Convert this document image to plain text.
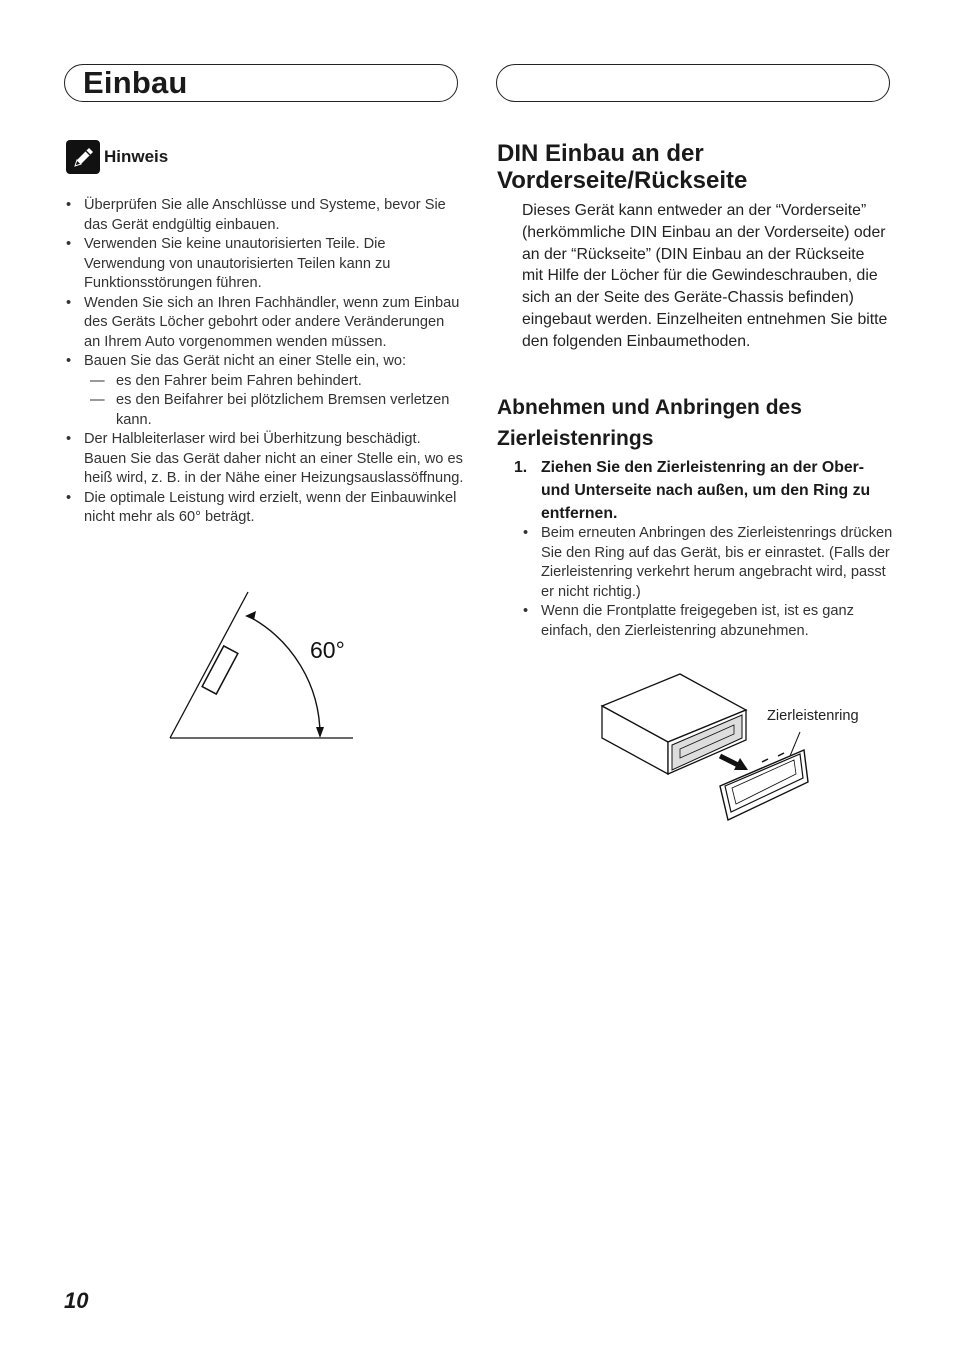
Einbau
Hinweis
• Überprüfen Sie alle Anschlüsse und Systeme, bevor Sie das Gerät endgültig einbauen.
• Verwenden Sie keine unautorisierten Teile. Die Verwendung von unautorisierten Teilen kann zu Funktionsstörungen führen.
• Wenden Sie sich an Ihren Fachhändler, wenn zum Einbau des Geräts Löcher gebohrt oder andere Veränderungen an Ihrem Auto vorgenommen wenden müssen.
• Bauen Sie das Gerät nicht an einer Stelle ein, wo:
— es den Fahrer beim Fahren behindert.
— es den Beifahrer bei plötzlichem Bremsen verletzen kann.
• Der Halbleiterlaser wird bei Überhitzung beschädigt. Bauen Sie das Gerät daher nicht an einer Stelle ein, wo es heiß wird, z. B. in der Nähe einer Heizungsauslassöffnung.
• Die optimale Leistung wird erzielt, wenn der Einbauwinkel nicht mehr als 60° beträgt.
60°
DIN Einbau an der Vorderseite/Rückseite

Dieses Gerät kann entweder an der “Vorderseite” (herkömmliche DIN Einbau an der Vorderseite) oder an der “Rückseite” (DIN Einbau an der Rückseite mit Hilfe der Löcher für die Gewindeschrauben, die sich an der Seite des Geräte-Chassis befinden) eingebaut werden. Einzelheiten entnehmen Sie bitte den folgenden Einbaumethoden.

Abnehmen und Anbringen des Zierleistenrings
1. Ziehen Sie den Zierleistenring an der Ober- und Unterseite nach außen, um den Ring zu entfernen.
• Beim erneuten Anbringen des Zierleistenrings drücken Sie den Ring auf das Gerät, bis er einrastet. (Falls der Zierleistenring verkehrt herum angebracht wird, passt er nicht richtig.)
• Wenn die Frontplatte freigegeben ist, ist es ganz einfach, den Zierleistenring abzunehmen.
Zierleistenring
10
